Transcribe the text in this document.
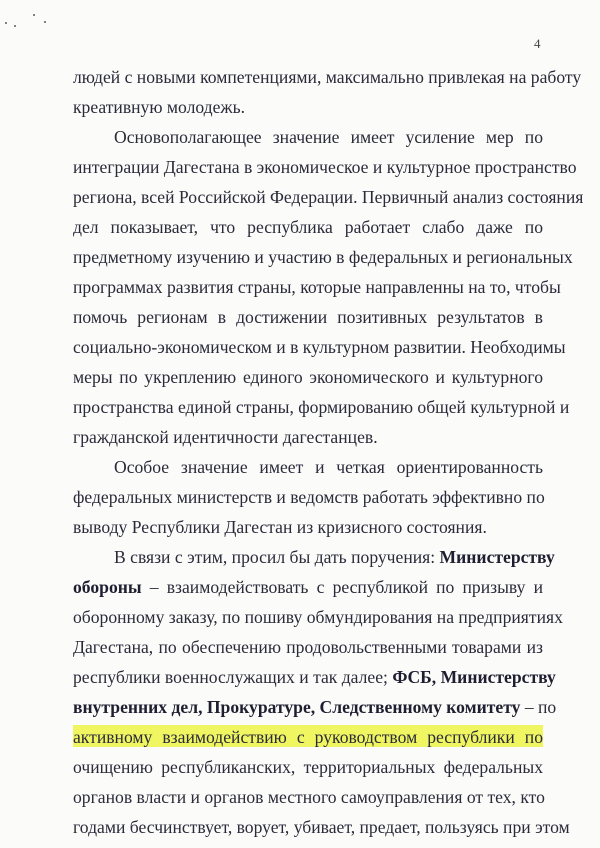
4
людей с новыми компетенциями, максимально привлекая на работу
креативную молодежь.
Основополагающее значение имеет усиление мер по
интеграции Дагестана в экономическое и культурное пространство
региона, всей Российской Федерации. Первичный анализ состояния
дел показывает, что республика работает слабо даже по
предметному изучению и участию в федеральных и региональных
программах развития страны, которые направленны на то, чтобы
помочь регионам в достижении позитивных результатов в
социально-экономическом и в культурном развитии. Необходимы
меры по укреплению единого экономического и культурного
пространства единой страны, формированию общей культурной и
гражданской идентичности дагестанцев.
Особое значение имеет и четкая ориентированность
федеральных министерств и ведомств работать эффективно по
выводу Республики Дагестан из кризисного состояния.
В связи с этим, просил бы дать поручения: Министерству
обороны – взаимодействовать с республикой по призыву и
оборонному заказу, по пошиву обмундирования на предприятиях
Дагестана, по обеспечению продовольственными товарами из
республики военнослужащих и так далее; ФСБ, Министерству
внутренних дел, Прокуратуре, Следственному комитету – по
активному взаимодействию с руководством республики по
очищению республиканских, территориальных федеральных
органов власти и органов местного самоуправления от тех, кто
годами бесчинствует, ворует, убивает, предает, пользуясь при этом
